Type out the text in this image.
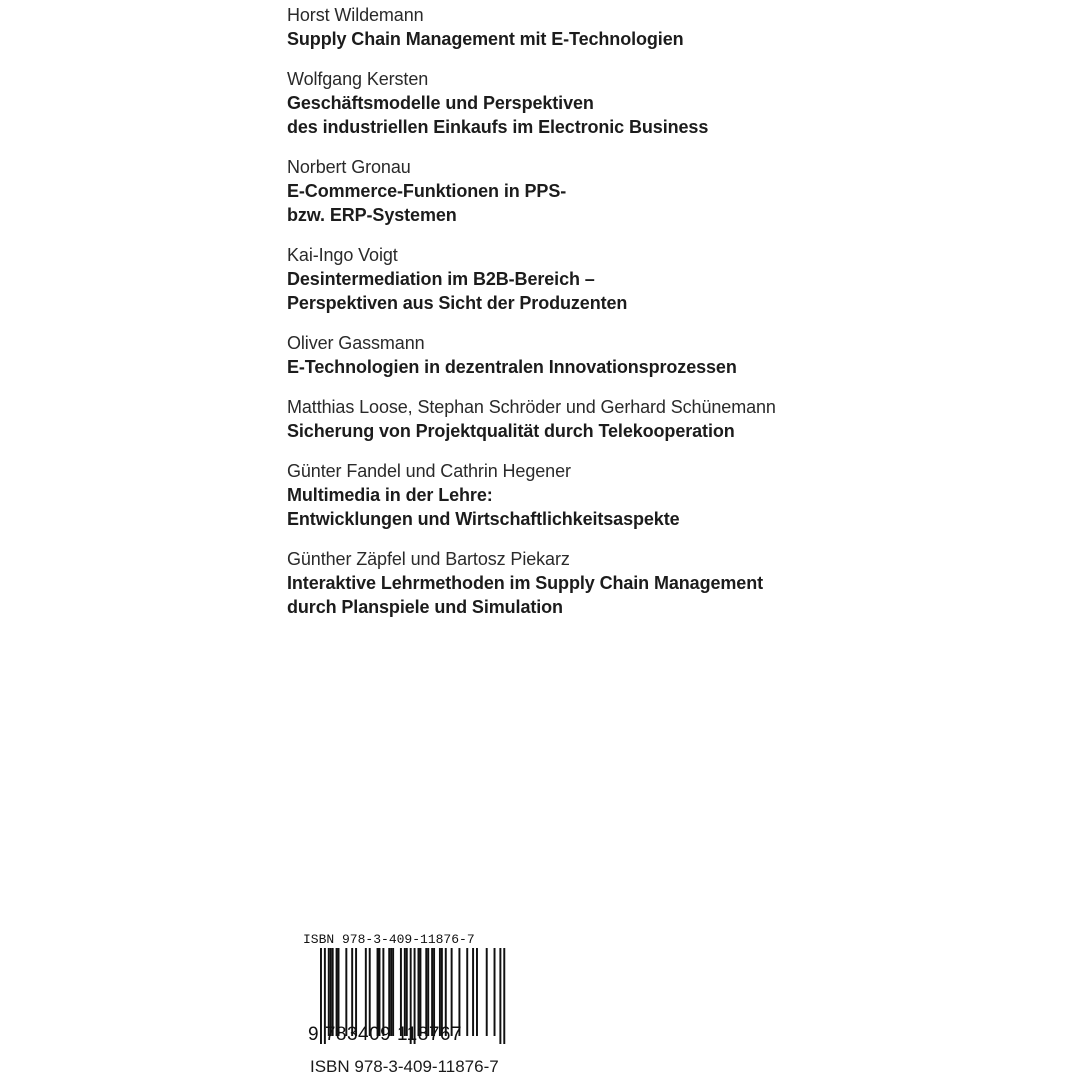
Horst Wildemann
Supply Chain Management mit E-Technologien
Wolfgang Kersten
Geschäftsmodelle und Perspektiven
des industriellen Einkaufs im Electronic Business
Norbert Gronau
E-Commerce-Funktionen in PPS-
bzw. ERP-Systemen
Kai-Ingo Voigt
Desintermediation im B2B-Bereich –
Perspektiven aus Sicht der Produzenten
Oliver Gassmann
E-Technologien in dezentralen Innovationsprozessen
Matthias Loose, Stephan Schröder und Gerhard Schünemann
Sicherung von Projektqualität durch Telekooperation
Günter Fandel und Cathrin Hegener
Multimedia in der Lehre:
Entwicklungen und Wirtschaftlichkeitsaspekte
Günther Zäpfel und Bartosz Piekarz
Interaktive Lehrmethoden im Supply Chain Management
durch Planspiele und Simulation
ISBN 978-3-409-11876-7
9 783409 118767
ISBN 978-3-409-11876-7
